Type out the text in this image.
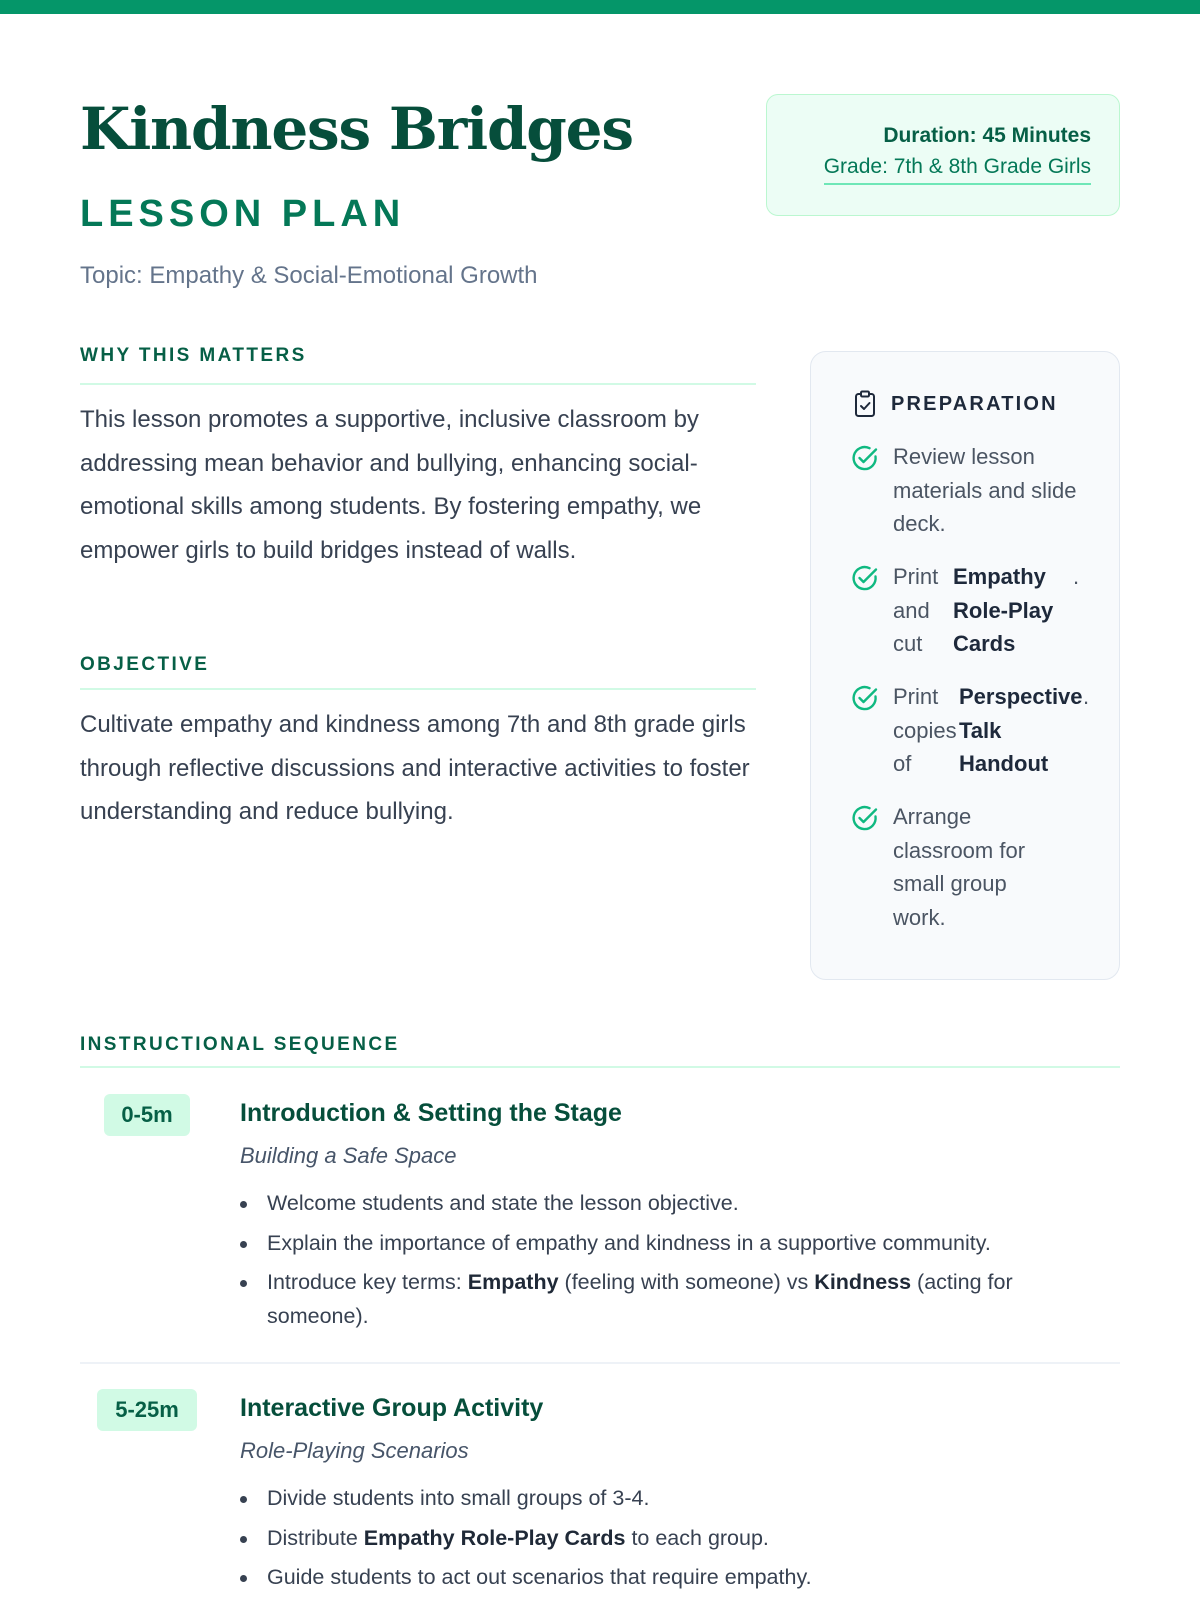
Kindness Bridges
LESSON PLAN
Topic: Empathy & Social-Emotional Growth
Duration: 45 Minutes
Grade: 7th & 8th Grade Girls
WHY THIS MATTERS

This lesson promotes a supportive, inclusive classroom by addressing mean behavior and bullying, enhancing social-emotional skills among students. By fostering empathy, we empower girls to build bridges instead of walls.

OBJECTIVE

Cultivate empathy and kindness among 7th and 8th grade girls through reflective discussions and interactive activities to foster understanding and reduce bullying.

PREPARATION
Review lesson materials and slide deck.
Print
and
cut
Empathy
Role-Play
Cards
.
Print
copies
of
Perspective
Talk
Handout
.
Arrange classroom for small group work.
INSTRUCTIONAL SEQUENCE
0-5m	Introduction & Setting the Stage
Building a Safe Space
Welcome students and state the lesson objective.
Explain the importance of empathy and kindness in a supportive community.
Introduce key terms: Empathy (feeling with someone) vs Kindness (acting for someone).
5-25m	Interactive Group Activity
Role-Playing Scenarios
Divide students into small groups of 3-4.
Distribute Empathy Role-Play Cards to each group.
Guide students to act out scenarios that require empathy.
